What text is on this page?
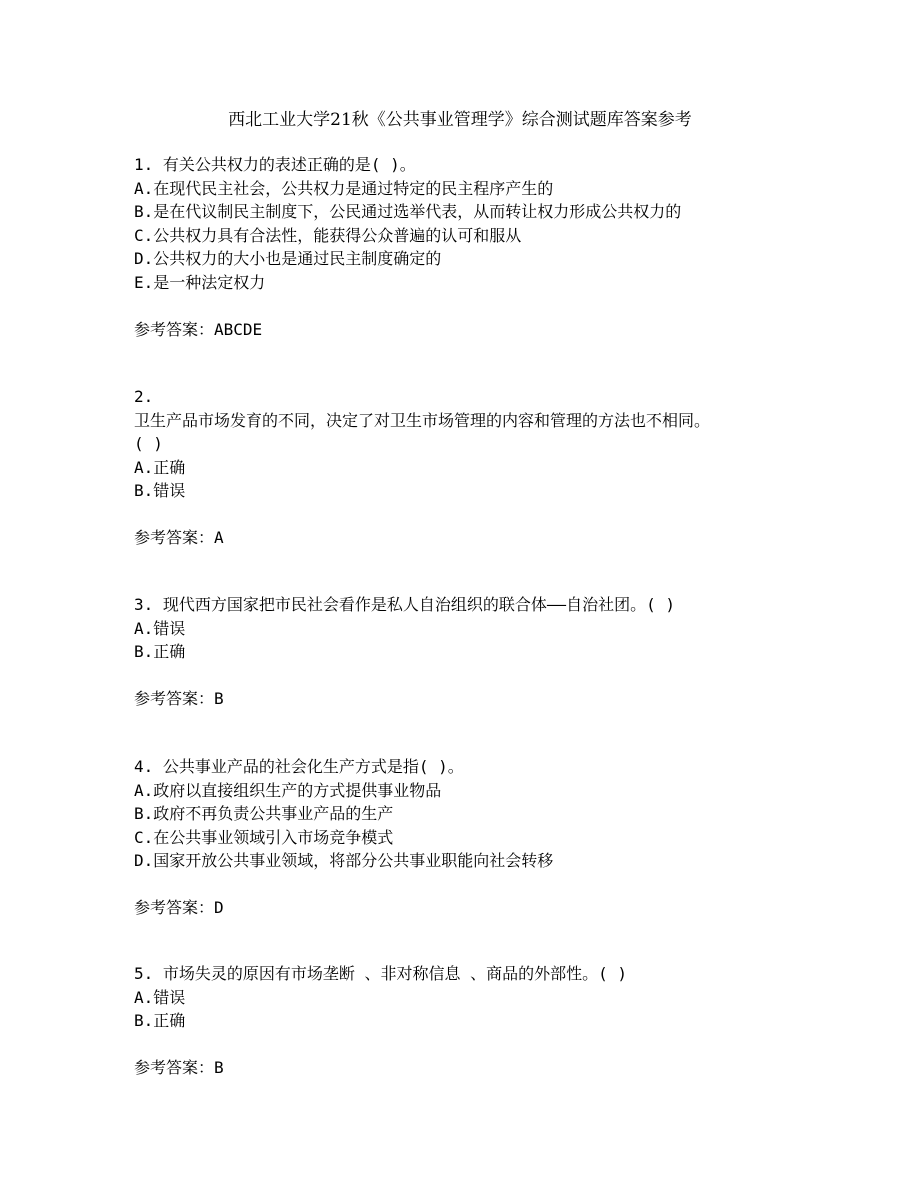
西北工业大学21秋《公共事业管理学》综合测试题库答案参考
1. 有关公共权力的表述正确的是( )。
A.在现代民主社会，公共权力是通过特定的民主程序产生的
B.是在代议制民主制度下，公民通过选举代表，从而转让权力形成公共权力的
C.公共权力具有合法性，能获得公众普遍的认可和服从
D.公共权力的大小也是通过民主制度确定的
E.是一种法定权力
参考答案：ABCDE
2.
卫生产品市场发育的不同，决定了对卫生市场管理的内容和管理的方法也不相同。
( )
A.正确
B.错误
参考答案：A
3. 现代西方国家把市民社会看作是私人自治组织的联合体——自治社团。( )
A.错误
B.正确
参考答案：B
4. 公共事业产品的社会化生产方式是指( )。
A.政府以直接组织生产的方式提供事业物品
B.政府不再负责公共事业产品的生产
C.在公共事业领域引入市场竞争模式
D.国家开放公共事业领域，将部分公共事业职能向社会转移
参考答案：D
5. 市场失灵的原因有市场垄断 、非对称信息 、商品的外部性。( )
A.错误
B.正确
参考答案：B
